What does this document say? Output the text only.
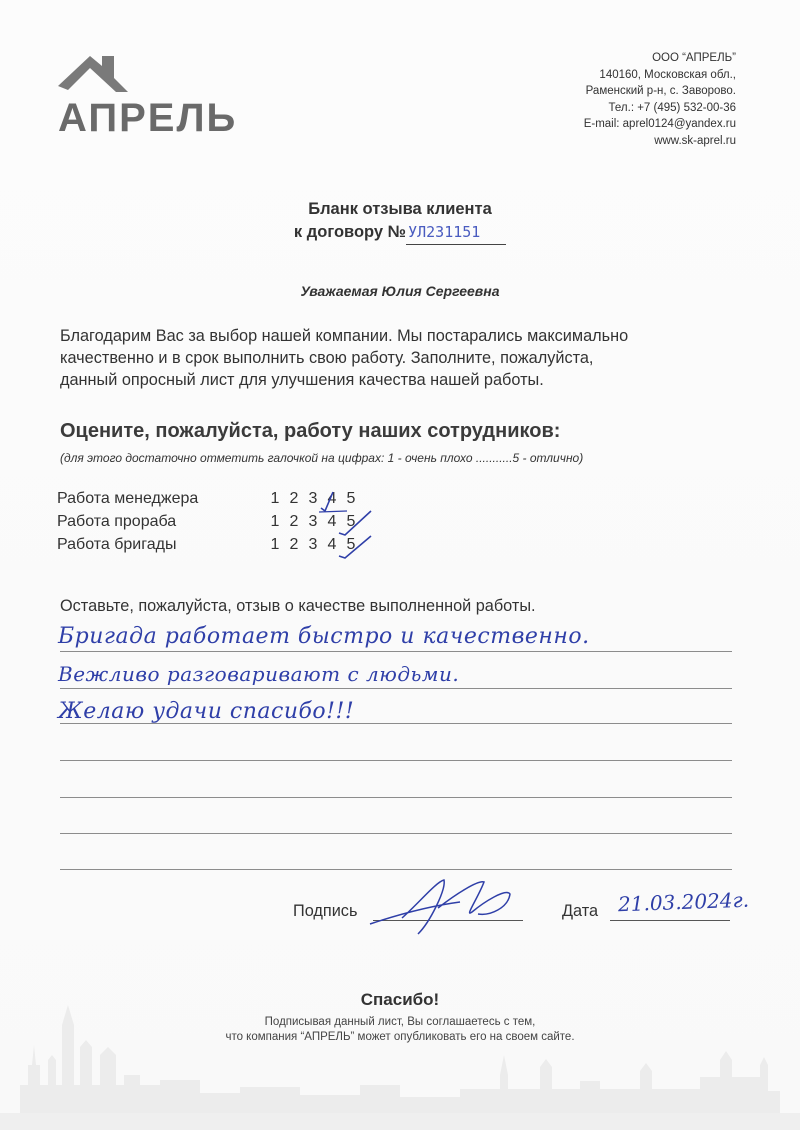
АПРЕЛЬ
ООО “АПРЕЛЬ”
140160, Московская обл.,
Раменский р-н, с. Заворово.
Тел.: +7 (495) 532-00-36
E-mail: aprel0124@yandex.ru
www.sk-aprel.ru
Бланк отзыва клиента
к договору № УЛ231151
Уважаемая Юлия Сергеевна
Благодарим Вас за выбор нашей компании. Мы постарались максимально
качественно и в срок выполнить свою работу. Заполните, пожалуйста,
данный опросный лист для улучшения качества нашей работы.
Оцените, пожалуйста, работу наших сотрудников:
(для этого достаточно отметить галочкой на цифрах: 1 - очень плохо ...........5 - отлично)
Работа менеджера	1 2 3 4 5
Работа прораба	1 2 3 4 5
Работа бригады	1 2 3 4 5
Оставьте, пожалуйста, отзыв о качестве выполненной работы.
Бригада работает быстро и качественно.
Вежливо разговаривают с людьми.
Желаю удачи спасибо!!!
Подпись	Дата 21.03.2024г.
Спасибо!
Подписывая данный лист, Вы соглашаетесь с тем,
что компания “АПРЕЛЬ” может опубликовать его на своем сайте.
